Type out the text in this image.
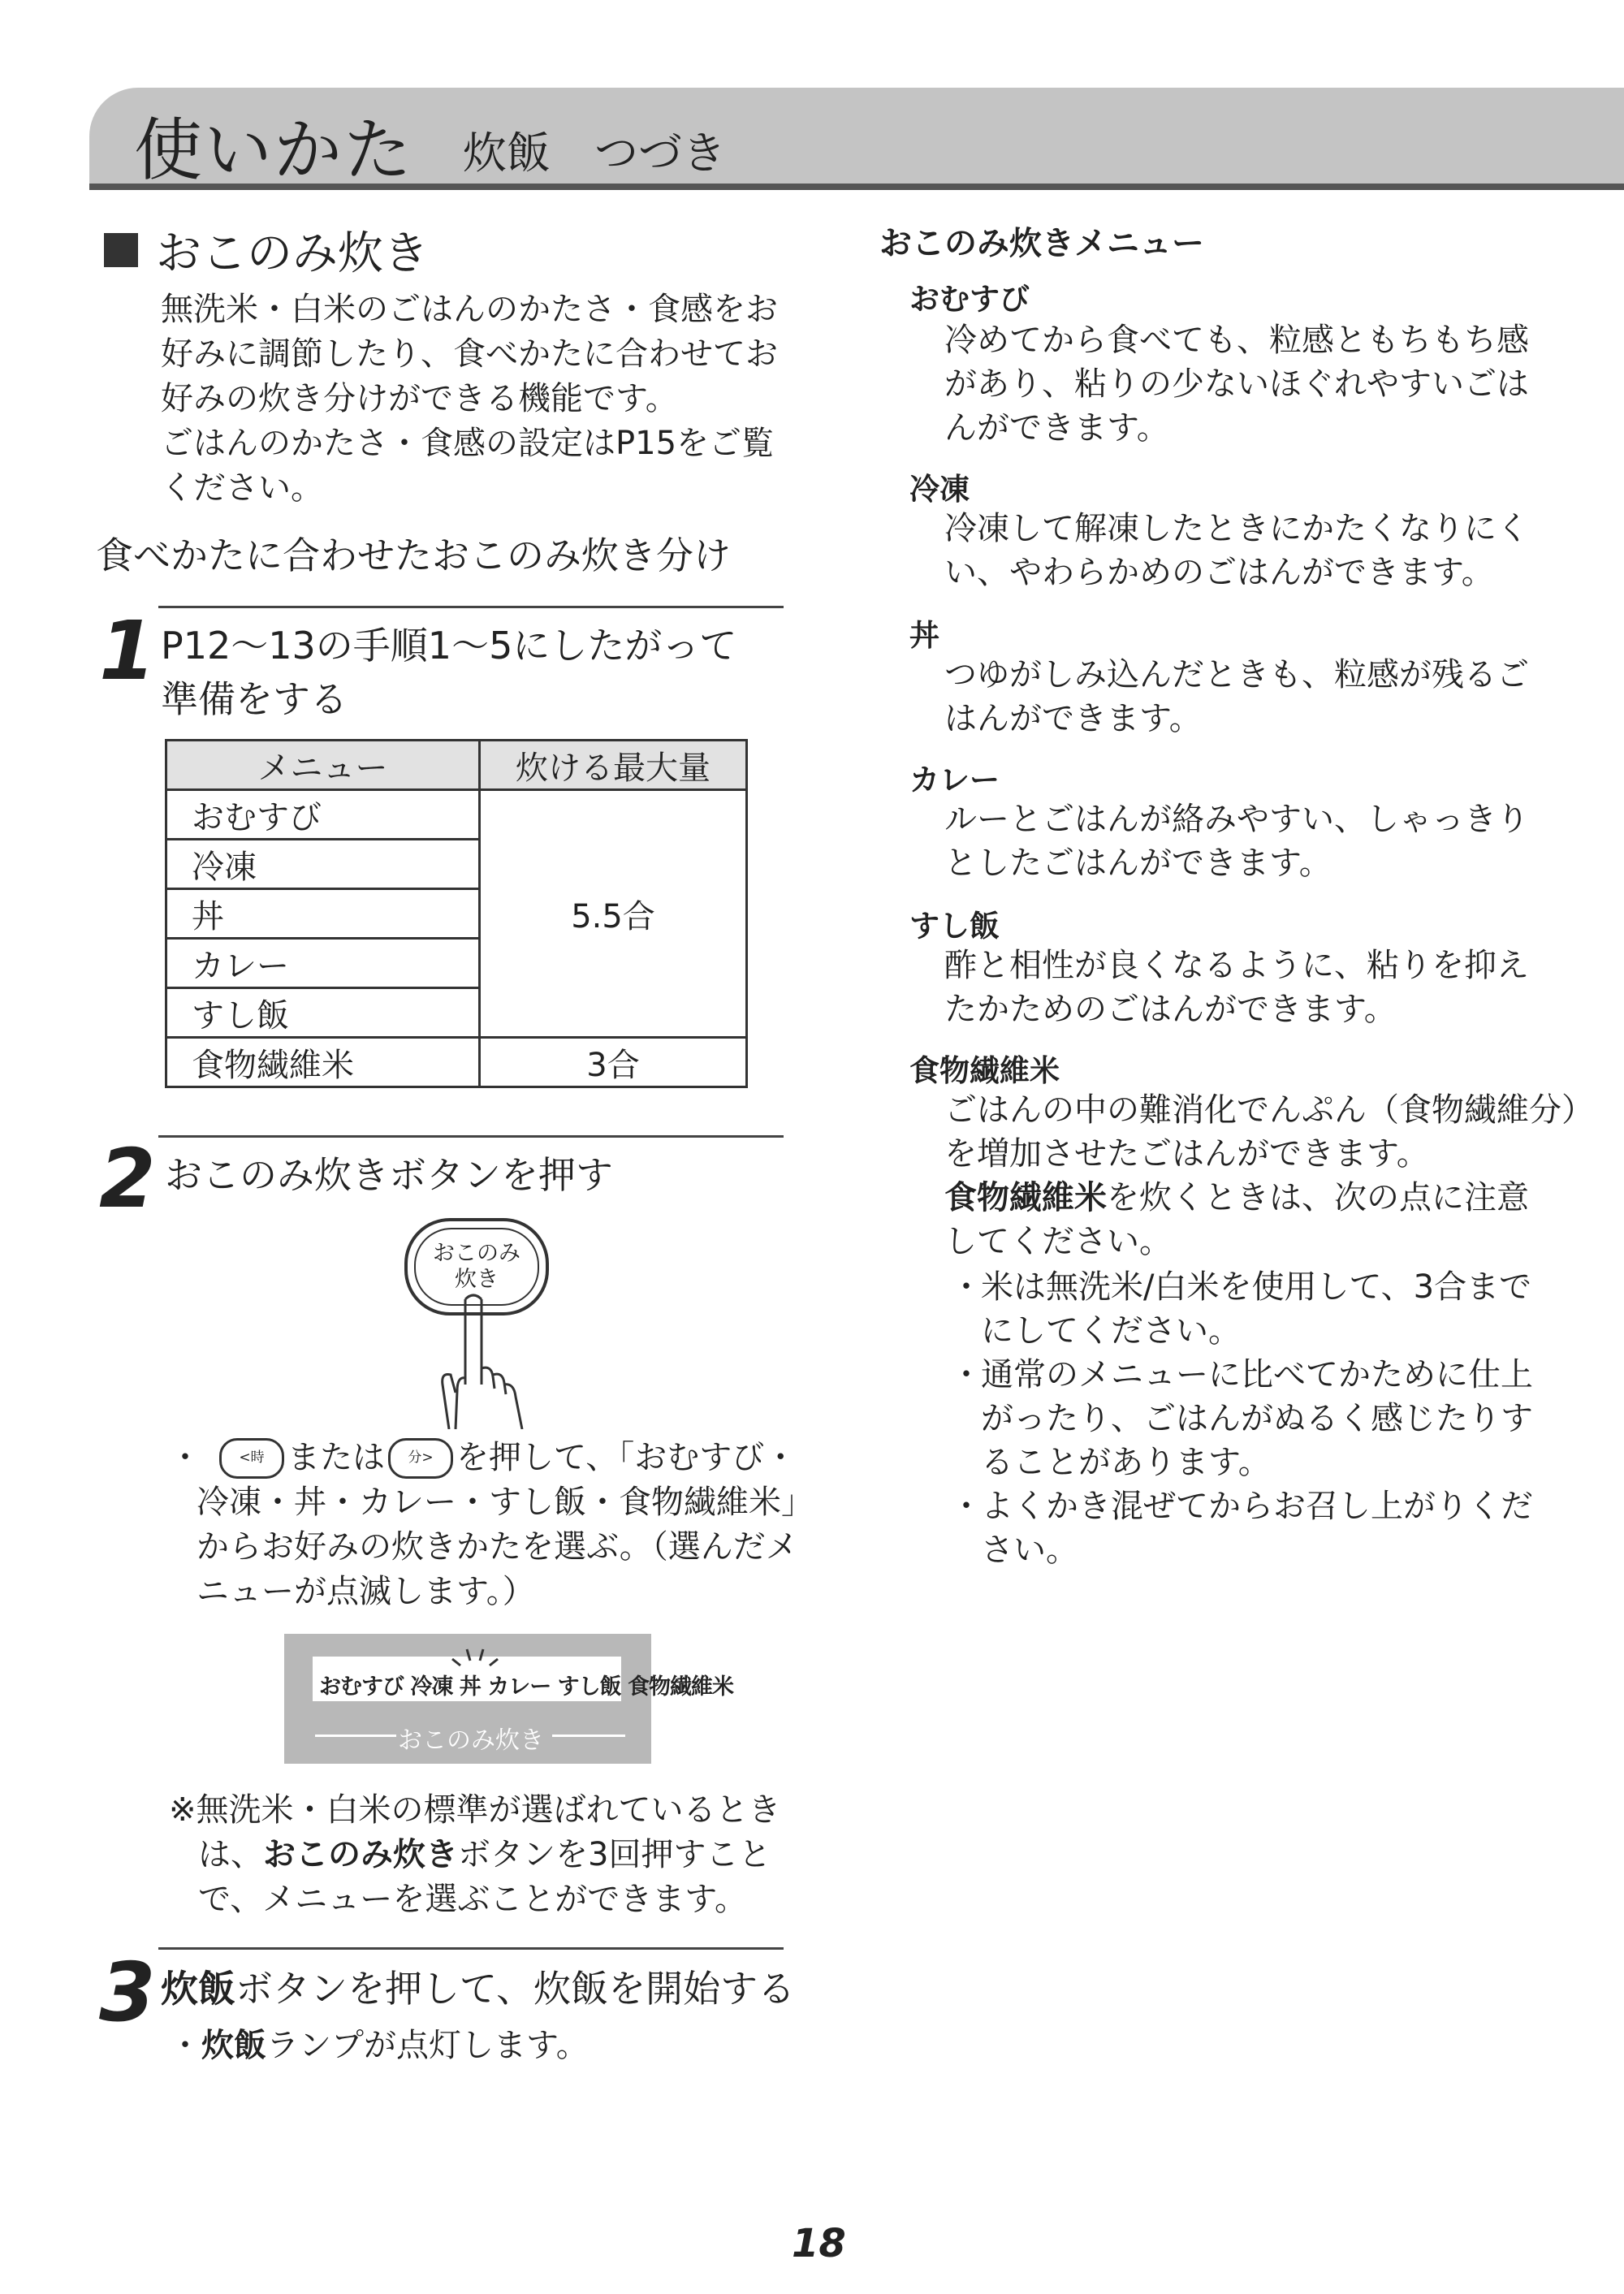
使いかた 炊飯　つづき
おこのみ炊き
無洗米・白米のごはんのかたさ・食感をお
好みに調節したり、食べかたに合わせてお
好みの炊き分けができる機能です。
ごはんのかたさ・食感の設定はP15をご覧
ください。
食べかたに合わせたおこのみ炊き分け
1 P12～13の手順1～5にしたがって
準備をする
メニュー	炊ける最大量
おむすび	5.5合
冷凍	
丼	
カレー	
すし飯	
食物繊維米	3合
2 おこのみ炊きボタンを押す
おこのみ
炊き
・	<時 または	分> を押して、「おむすび・
冷凍・丼・カレー・すし飯・食物繊維米」
からお好みの炊きかたを選ぶ。（選んだメ
ニューが点滅します。）
おむすび 冷凍 丼 カレー すし飯 食物繊維米
おこのみ炊き
※無洗米・白米の標準が選ばれているとき
は、おこのみ炊きボタンを3回押すこと
で、メニューを選ぶことができます。
3 炊飯ボタンを押して、炊飯を開始する
・炊飯ランプが点灯します。
おこのみ炊きメニュー
おむすび
冷めてから食べても、粒感ともちもち感
があり、粘りの少ないほぐれやすいごは
んができます。
冷凍
冷凍して解凍したときにかたくなりにく
い、やわらかめのごはんができます。
丼
つゆがしみ込んだときも、粒感が残るご
はんができます。
カレー
ルーとごはんが絡みやすい、しゃっきり
としたごはんができます。
すし飯
酢と相性が良くなるように、粘りを抑え
たかためのごはんができます。
食物繊維米
ごはんの中の難消化でんぷん（食物繊維分）
を増加させたごはんができます。
食物繊維米を炊くときは、次の点に注意
してください。
・
米は無洗米/白米を使用して、3合まで
にしてください。
・
通常のメニューに比べてかために仕上
がったり、ごはんがぬるく感じたりす
ることがあります。
・
よくかき混ぜてからお召し上がりくだ
さい。
18
